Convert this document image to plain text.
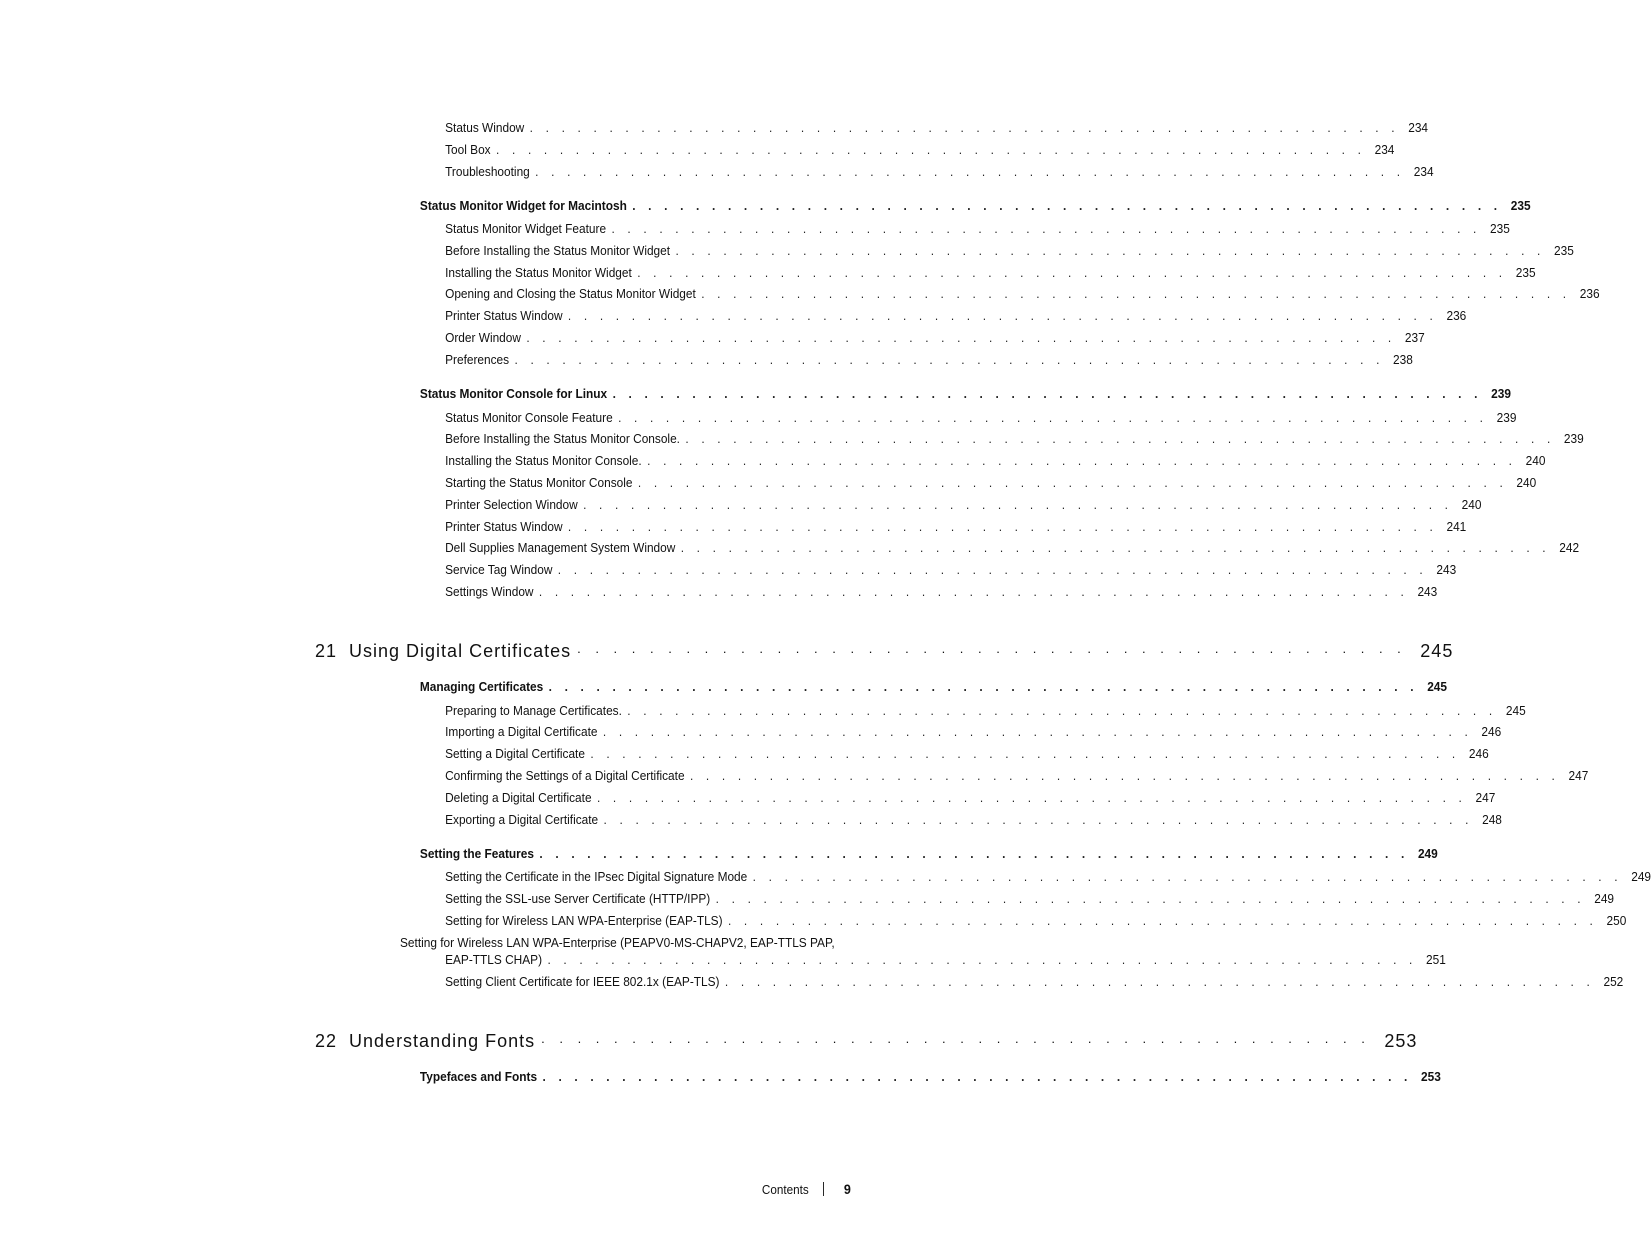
Status Window . . . . . . . . . . . . . . . . . . . . . . . . . . . . . . . . . . . . . . . . . . . . . . . . . . . . . . . 234
Tool Box . . . . . . . . . . . . . . . . . . . . . . . . . . . . . . . . . . . . . . . . . . . . . . . . . . . . . . . 234
Troubleshooting . . . . . . . . . . . . . . . . . . . . . . . . . . . . . . . . . . . . . . . . . . . . . . . . . . . . . . . 234
Status Monitor Widget for Macintosh . . . . . . . . . . . . . . . . . . . . . . . . . . . . . . . . . . . . . . . . . . . . . . . . . . . . . . . 235
Status Monitor Widget Feature . . . . . . . . . . . . . . . . . . . . . . . . . . . . . . . . . . . . . . . . . . . . . . . . . . . . . . . 235
Before Installing the Status Monitor Widget . . . . . . . . . . . . . . . . . . . . . . . . . . . . . . . . . . . . . . . . . . . . . . . . . . . . . . . 235
Installing the Status Monitor Widget . . . . . . . . . . . . . . . . . . . . . . . . . . . . . . . . . . . . . . . . . . . . . . . . . . . . . . . 235
Opening and Closing the Status Monitor Widget . . . . . . . . . . . . . . . . . . . . . . . . . . . . . . . . . . . . . . . . . . . . . . . . . . . . . . . 236
Printer Status Window . . . . . . . . . . . . . . . . . . . . . . . . . . . . . . . . . . . . . . . . . . . . . . . . . . . . . . . 236
Order Window . . . . . . . . . . . . . . . . . . . . . . . . . . . . . . . . . . . . . . . . . . . . . . . . . . . . . . . 237
Preferences . . . . . . . . . . . . . . . . . . . . . . . . . . . . . . . . . . . . . . . . . . . . . . . . . . . . . . . 238
Status Monitor Console for Linux . . . . . . . . . . . . . . . . . . . . . . . . . . . . . . . . . . . . . . . . . . . . . . . . . . . . . . . 239
Status Monitor Console Feature . . . . . . . . . . . . . . . . . . . . . . . . . . . . . . . . . . . . . . . . . . . . . . . . . . . . . . . 239
Before Installing the Status Monitor Console. . . . . . . . . . . . . . . . . . . . . . . . . . . . . . . . . . . . . . . . . . . . . . . . . . . . . . . . 239
Installing the Status Monitor Console. . . . . . . . . . . . . . . . . . . . . . . . . . . . . . . . . . . . . . . . . . . . . . . . . . . . . . . . 240
Starting the Status Monitor Console . . . . . . . . . . . . . . . . . . . . . . . . . . . . . . . . . . . . . . . . . . . . . . . . . . . . . . . 240
Printer Selection Window . . . . . . . . . . . . . . . . . . . . . . . . . . . . . . . . . . . . . . . . . . . . . . . . . . . . . . . 240
Printer Status Window . . . . . . . . . . . . . . . . . . . . . . . . . . . . . . . . . . . . . . . . . . . . . . . . . . . . . . . 241
Dell Supplies Management System Window . . . . . . . . . . . . . . . . . . . . . . . . . . . . . . . . . . . . . . . . . . . . . . . . . . . . . . . 242
Service Tag Window . . . . . . . . . . . . . . . . . . . . . . . . . . . . . . . . . . . . . . . . . . . . . . . . . . . . . . . 243
Settings Window . . . . . . . . . . . . . . . . . . . . . . . . . . . . . . . . . . . . . . . . . . . . . . . . . . . . . . . 243
21 Using Digital Certificates . . . . . . . . . . . . . . . . . . . . . . . . . . . . . . . . . . . . . . . . . . . . . . 245
Managing Certificates . . . . . . . . . . . . . . . . . . . . . . . . . . . . . . . . . . . . . . . . . . . . . . . . . . . . . . . 245
Preparing to Manage Certificates. . . . . . . . . . . . . . . . . . . . . . . . . . . . . . . . . . . . . . . . . . . . . . . . . . . . . . . . 245
Importing a Digital Certificate . . . . . . . . . . . . . . . . . . . . . . . . . . . . . . . . . . . . . . . . . . . . . . . . . . . . . . . 246
Setting a Digital Certificate . . . . . . . . . . . . . . . . . . . . . . . . . . . . . . . . . . . . . . . . . . . . . . . . . . . . . . . 246
Confirming the Settings of a Digital Certificate . . . . . . . . . . . . . . . . . . . . . . . . . . . . . . . . . . . . . . . . . . . . . . . . . . . . . . . 247
Deleting a Digital Certificate . . . . . . . . . . . . . . . . . . . . . . . . . . . . . . . . . . . . . . . . . . . . . . . . . . . . . . . 247
Exporting a Digital Certificate . . . . . . . . . . . . . . . . . . . . . . . . . . . . . . . . . . . . . . . . . . . . . . . . . . . . . . . 248
Setting the Features . . . . . . . . . . . . . . . . . . . . . . . . . . . . . . . . . . . . . . . . . . . . . . . . . . . . . . . 249
Setting the Certificate in the IPsec Digital Signature Mode . . . . . . . . . . . . . . . . . . . . . . . . . . . . . . . . . . . . . . . . . . . . . . . . . . . . . . . 249
Setting the SSL-use Server Certificate (HTTP/IPP) . . . . . . . . . . . . . . . . . . . . . . . . . . . . . . . . . . . . . . . . . . . . . . . . . . . . . . . 249
Setting for Wireless LAN WPA-Enterprise (EAP-TLS) . . . . . . . . . . . . . . . . . . . . . . . . . . . . . . . . . . . . . . . . . . . . . . . . . . . . . . . 250
Setting for Wireless LAN WPA-Enterprise (PEAPV0-MS-CHAPV2, EAP-TTLS PAP,
EAP-TTLS CHAP) . . . . . . . . . . . . . . . . . . . . . . . . . . . . . . . . . . . . . . . . . . . . . . . . . . . . . . . 251
Setting Client Certificate for IEEE 802.1x (EAP-TLS) . . . . . . . . . . . . . . . . . . . . . . . . . . . . . . . . . . . . . . . . . . . . . . . . . . . . . . . 252
22 Understanding Fonts . . . . . . . . . . . . . . . . . . . . . . . . . . . . . . . . . . . . . . . . . . . . . . 253
Typefaces and Fonts . . . . . . . . . . . . . . . . . . . . . . . . . . . . . . . . . . . . . . . . . . . . . . . . . . . . . . . 253
Contents	9
